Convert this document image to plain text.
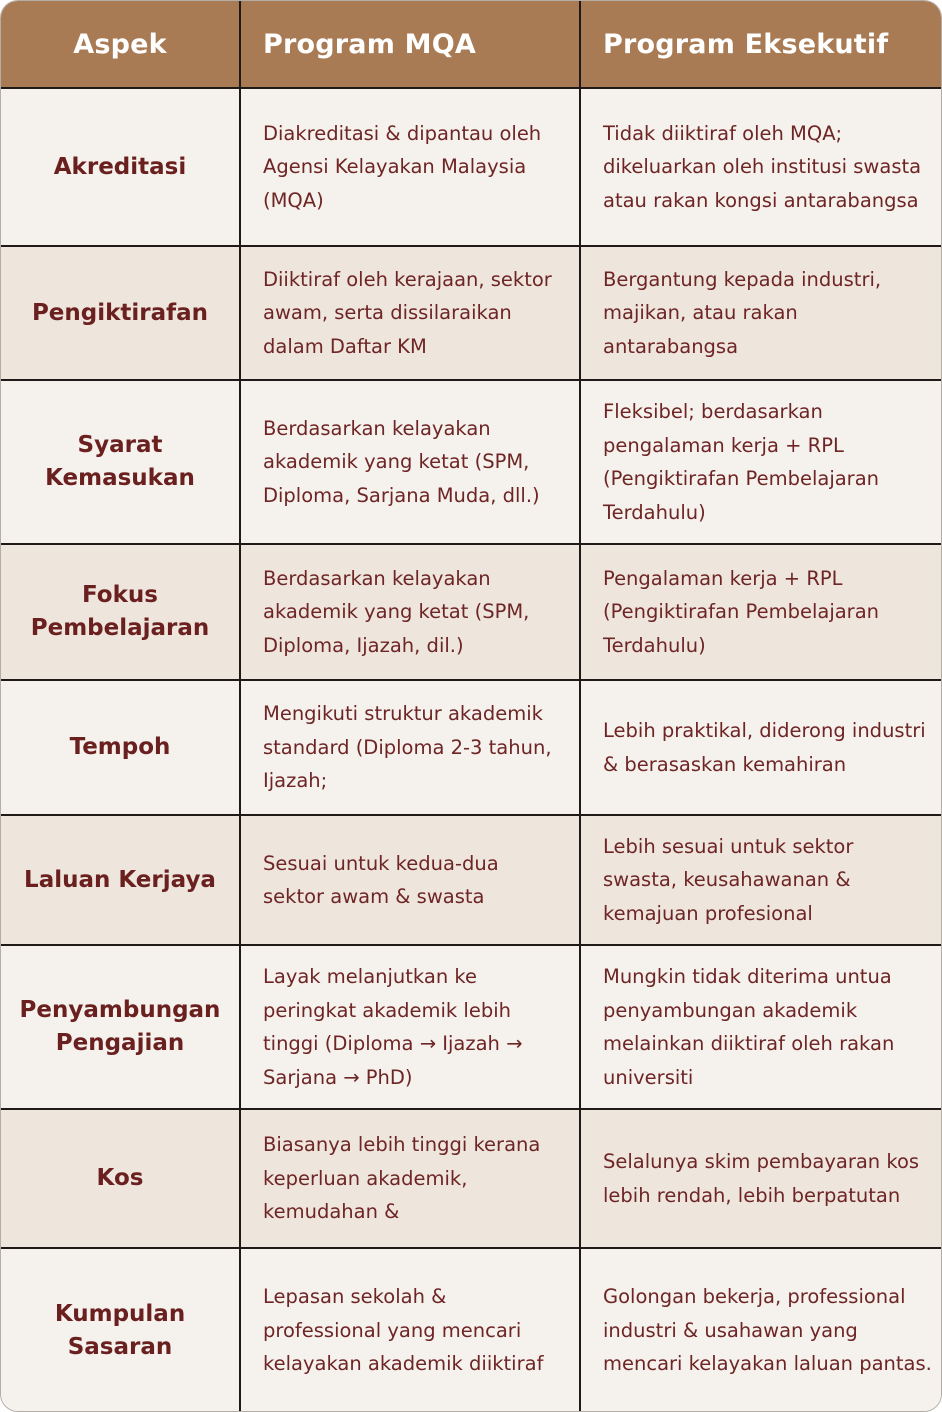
Aspek	Program MQA	Program Eksekutif
Akreditasi	Diakreditasi & dipantau oleh Agensi Kelayakan Malaysia (MQA)	Tidak diiktiraf oleh MQA; dikeluarkan oleh institusi swasta atau rakan kongsi antarabangsa
Pengiktirafan	Diiktiraf oleh kerajaan, sektor awam, serta dissilaraikan dalam Daftar KM	Bergantung kepada industri, majikan, atau rakan antarabangsa
Syarat Kemasukan	Berdasarkan kelayakan akademik yang ketat (SPM, Diploma, Sarjana Muda, dll.)	Fleksibel; berdasarkan pengalaman kerja + RPL (Pengiktirafan Pembelajaran Terdahulu)
Fokus Pembelajaran	Berdasarkan kelayakan akademik yang ketat (SPM, Diploma, Ijazah, dil.)	Pengalaman kerja + RPL (Pengiktirafan Pembelajaran Terdahulu)
Tempoh	Mengikuti struktur akademik standard (Diploma 2-3 tahun, Ijazah;	Lebih praktikal, diderong industri & berasaskan kemahiran
Laluan Kerjaya	Sesuai untuk kedua-dua sektor awam & swasta	Lebih sesuai untuk sektor swasta, keusahawanan & kemajuan profesional
Penyambungan Pengajian	Layak melanjutkan ke peringkat akademik lebih tinggi (Diploma → Ijazah → Sarjana → PhD)	Mungkin tidak diterima untua penyambungan akademik melainkan diiktiraf oleh rakan universiti
Kos	Biasanya lebih tinggi kerana keperluan akademik, kemudahan &	Selalunya skim pembayaran kos lebih rendah, lebih berpatutan
Kumpulan Sasaran	Lepasan sekolah & professional yang mencari kelayakan akademik diiktiraf	Golongan bekerja, professional industri & usahawan yang mencari kelayakan laluan pantas.
